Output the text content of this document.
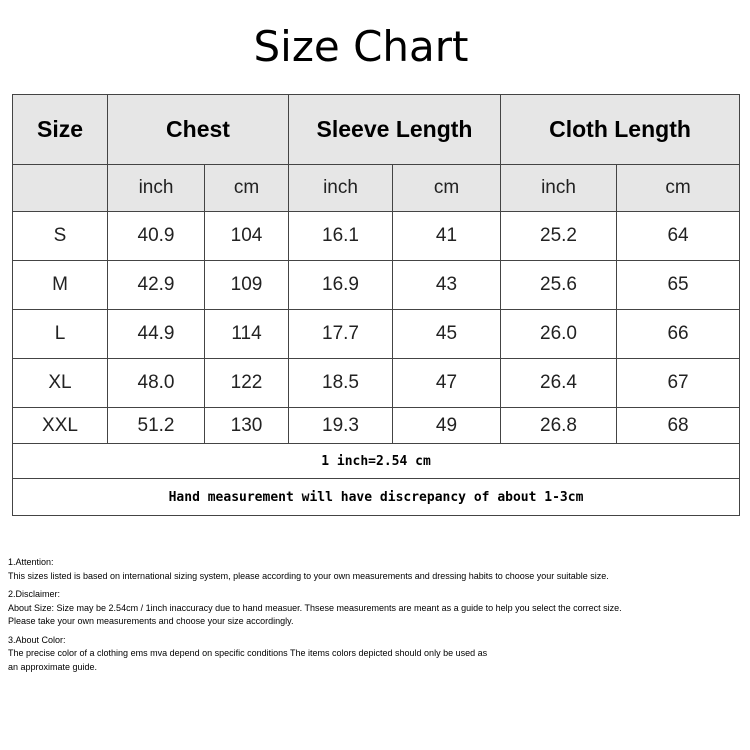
Size Chart
Size	Chest		Sleeve Length		Cloth Length	
	inch	cm	inch	cm	inch	cm
S	40.9	104	16.1	41	25.2	64
M	42.9	109	16.9	43	25.6	65
L	44.9	114	17.7	45	26.0	66
XL	48.0	122	18.5	47	26.4	67
XXL	51.2	130	19.3	49	26.8	68
1 inch=2.54 cm						
Hand measurement will have discrepancy of about 1-3cm						
1.Attention:
This sizes listed is based on international sizing system, please according to your own measurements and dressing habits to choose your suitable size.
2.Disclaimer:
About Size: Size may be 2.54cm / 1inch inaccuracy due to hand measuer. Thsese measurements are meant as a guide to help you select the correct size.
Please take your own measurements and choose your size accordingly.
3.About Color:
The precise color of a clothing ems mva depend on specific conditions The items colors depicted should only be used as
an approximate guide.
